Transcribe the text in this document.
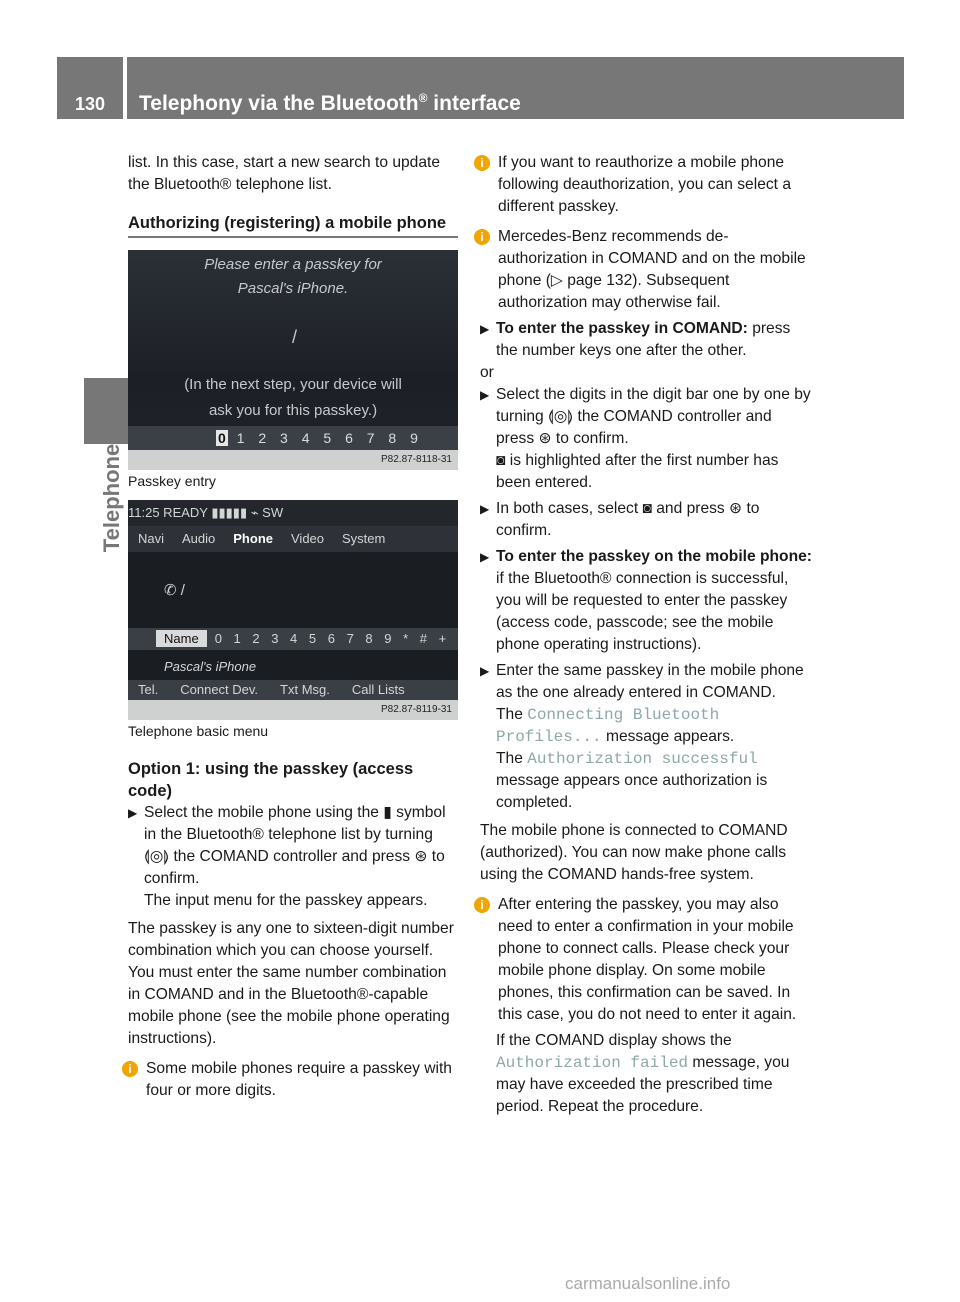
130	Telephony via the Bluetooth® interface
Telephone

list. In this case, start a new search to update the Bluetooth® telephone list.

Authorizing (registering) a mobile phone

Please enter a passkey for
Pascal's iPhone.
/
(In the next step, your device will
ask you for this passkey.)
0 1 2 3 4 5 6 7 8 9
P82.87-8118-31

Passkey entry

11:25 READY ▮▮▮▮▮ ⌁ SW
Navi Audio Phone Video System
✆ /
Name 0 1 2 3 4 5 6 7 8 9 * # +
Pascal's iPhone
Tel. Connect Dev. Txt Msg. Call Lists
P82.87-8119-31

Telephone basic menu

Option 1: using the passkey (access code)

▶ Select the mobile phone using the ▮ symbol in the Bluetooth® telephone list by turning ⟬◎⟭ the COMAND controller and press ⊛ to confirm.

The input menu for the passkey appears.

The passkey is any one to sixteen-digit number combination which you can choose yourself. You must enter the same number combination in COMAND and in the Bluetooth®-capable mobile phone (see the mobile phone operating instructions).

i Some mobile phones require a passkey with four or more digits.

i If you want to reauthorize a mobile phone following deauthorization, you can select a different passkey.

i Mercedes-Benz recommends de-authorization in COMAND and on the mobile phone (▷ page 132). Subsequent authorization may otherwise fail.

▶ To enter the passkey in COMAND: press the number keys one after the other.

or

▶ Select the digits in the digit bar one by one by turning ⟬◎⟭ the COMAND controller and press ⊛ to confirm.

◙ is highlighted after the first number has been entered.

▶ In both cases, select ◙ and press ⊛ to confirm.

▶ To enter the passkey on the mobile phone: if the Bluetooth® connection is successful, you will be requested to enter the passkey (access code, passcode; see the mobile phone operating instructions).

▶ Enter the same passkey in the mobile phone as the one already entered in COMAND.

The Connecting Bluetooth Profiles... message appears.

The Authorization successful message appears once authorization is completed.

The mobile phone is connected to COMAND (authorized). You can now make phone calls using the COMAND hands-free system.

i After entering the passkey, you may also need to enter a confirmation in your mobile phone to connect calls. Please check your mobile phone display. On some mobile phones, this confirmation can be saved. In this case, you do not need to enter it again.

If the COMAND display shows the Authorization failed message, you may have exceeded the prescribed time period. Repeat the procedure.

carmanualsonline.info
